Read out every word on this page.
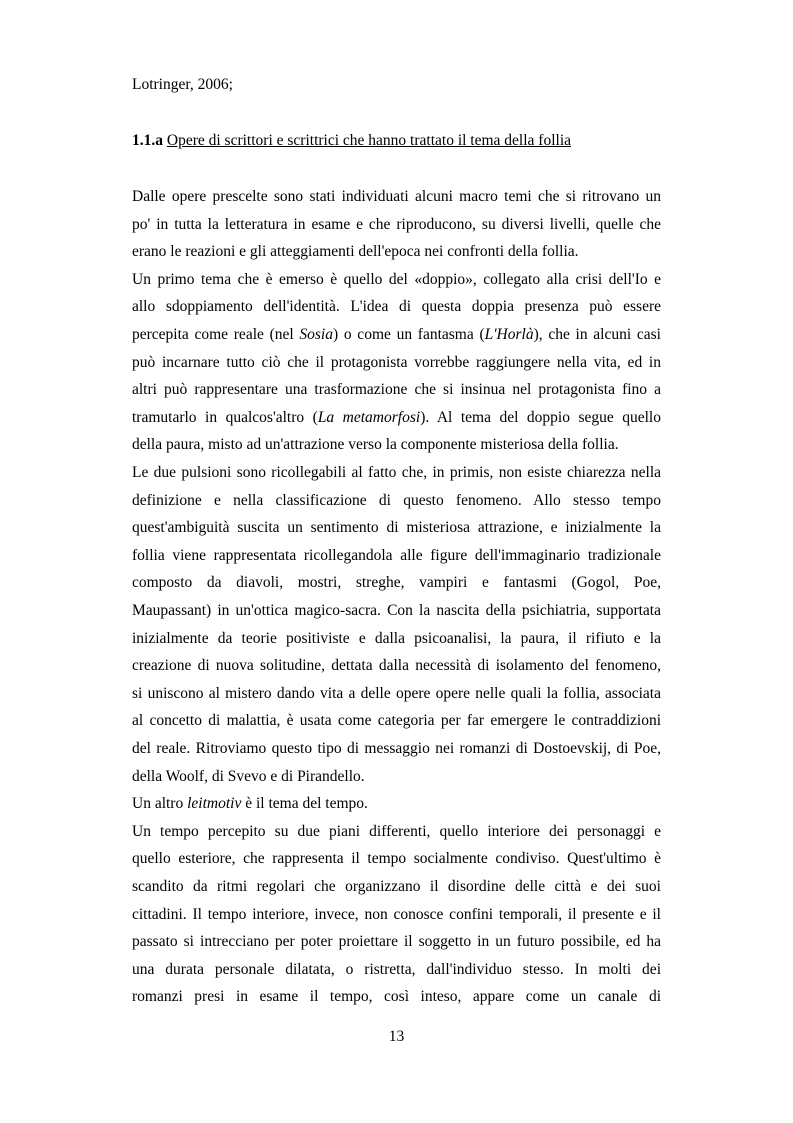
Lotringer, 2006;

1.1.a Opere di scrittori e scrittrici che hanno trattato il tema della follia

Dalle opere prescelte sono stati individuati alcuni macro temi che si ritrovano un

po' in tutta la letteratura in esame e che riproducono, su diversi livelli, quelle che

erano le reazioni e gli atteggiamenti dell'epoca nei confronti della follia.

Un primo tema che è emerso è quello del «doppio», collegato alla crisi dell'Io e

allo sdoppiamento dell'identità. L'idea di questa doppia presenza può essere

percepita come reale (nel Sosia) o come un fantasma (L'Horlà), che in alcuni casi

può incarnare tutto ciò che il protagonista vorrebbe raggiungere nella vita, ed in

altri può rappresentare una trasformazione che si insinua nel protagonista fino a

tramutarlo in qualcos'altro (La metamorfosi). Al tema del doppio segue quello

della paura, misto ad un'attrazione verso la componente misteriosa della follia.

Le due pulsioni sono ricollegabili al fatto che, in primis, non esiste chiarezza nella

definizione e nella classificazione di questo fenomeno. Allo stesso tempo

quest'ambiguità suscita un sentimento di misteriosa attrazione, e inizialmente la

follia viene rappresentata ricollegandola alle figure dell'immaginario tradizionale

composto da diavoli, mostri, streghe, vampiri e fantasmi (Gogol, Poe,

Maupassant) in un'ottica magico-sacra. Con la nascita della psichiatria, supportata

inizialmente da teorie positiviste e dalla psicoanalisi, la paura, il rifiuto e la

creazione di nuova solitudine, dettata dalla necessità di isolamento del fenomeno,

si uniscono al mistero dando vita a delle opere opere nelle quali la follia, associata

al concetto di malattia, è usata come categoria per far emergere le contraddizioni

del reale. Ritroviamo questo tipo di messaggio nei romanzi di Dostoevskij, di Poe,

della Woolf, di Svevo e di Pirandello.

Un altro leitmotiv è il tema del tempo.

Un tempo percepito su due piani differenti, quello interiore dei personaggi e

quello esteriore, che rappresenta il tempo socialmente condiviso. Quest'ultimo è

scandito da ritmi regolari che organizzano il disordine delle città e dei suoi

cittadini. Il tempo interiore, invece, non conosce confini temporali, il presente e il

passato si intrecciano per poter proiettare il soggetto in un futuro possibile, ed ha

una durata personale dilatata, o ristretta, dall'individuo stesso. In molti dei

romanzi presi in esame il tempo, così inteso, appare come un canale di

13
